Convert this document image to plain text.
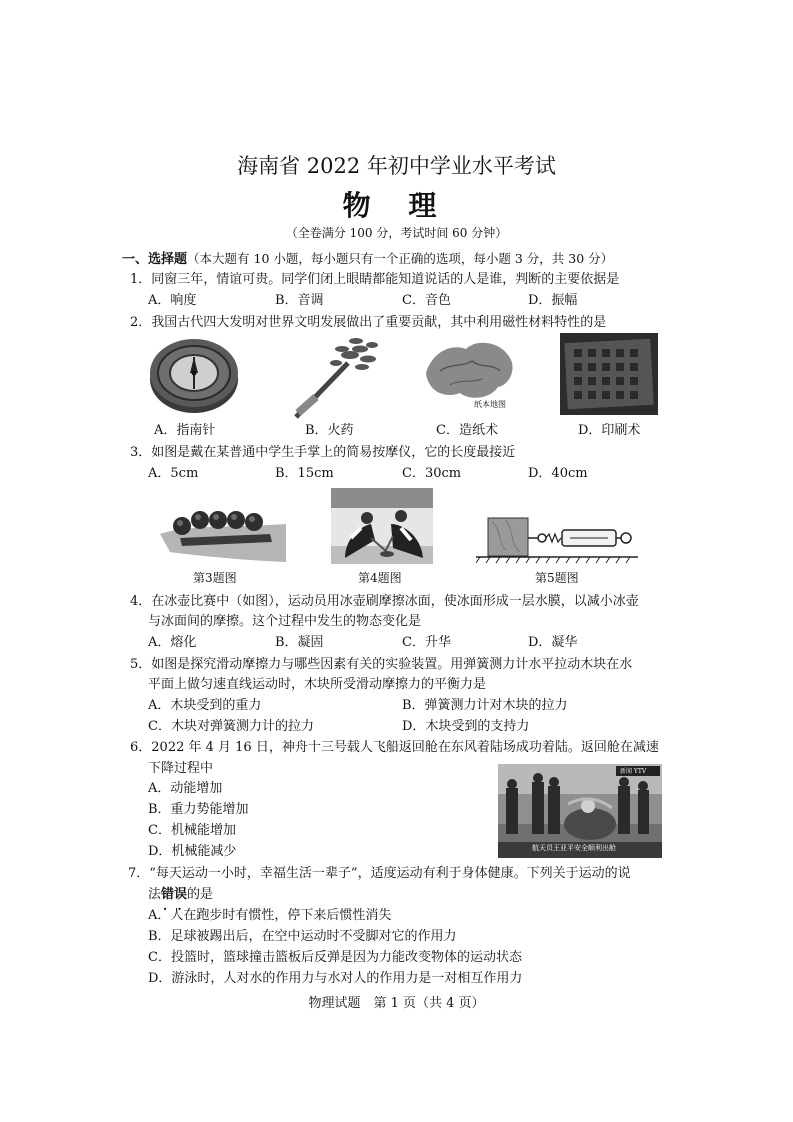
海南省 2022 年初中学业水平考试
物 理
（全卷满分 100 分，考试时间 60 分钟）
一、选择题（本大题有 10 小题，每小题只有一个正确的选项，每小题 3 分，共 30 分）
1．同窗三年，情谊可贵。同学们闭上眼睛都能知道说话的人是谁，判断的主要依据是
A．响度	B．音调	C．音色	D．振幅
2．我国古代四大发明对世界文明发展做出了重要贡献，其中利用磁性材料特性的是
纸本地图
A．指南针	B．火药	C．造纸术	D．印刷术
3．如图是戴在某普通中学生手掌上的简易按摩仪，它的长度最接近
A．5cm	B．15cm	C．30cm	D．40cm
第3题图	第4题图	第5题图
4．在冰壶比赛中（如图），运动员用冰壶刷摩擦冰面，使冰面形成一层水膜，以减小冰壶
与冰面间的摩擦。这个过程中发生的物态变化是
A．熔化	B．凝固	C．升华	D．凝华
5．如图是探究滑动摩擦力与哪些因素有关的实验装置。用弹簧测力计水平拉动木块在水
平面上做匀速直线运动时，木块所受滑动摩擦力的平衡力是
A．木块受到的重力	B．弹簧测力计对木块的拉力
C．木块对弹簧测力计的拉力	D．木块受到的支持力
6．2022 年 4 月 16 日，神舟十三号载人飞船返回舱在东风着陆场成功着陆。返回舱在减速
下降过程中
A．动能增加
B．重力势能增加
C．机械能增加
D．机械能减少	航天员王亚平安全顺利出舱
新闻 YTV
7．“每天运动一小时，幸福生活一辈子”，适度运动有利于身体健康。下列关于运动的说
法错误 · ·的是
A．人在跑步时有惯性，停下来后惯性消失
B．足球被踢出后，在空中运动时不受脚对它的作用力
C．投篮时，篮球撞击篮板后反弹是因为力能改变物体的运动状态
D．游泳时，人对水的作用力与水对人的作用力是一对相互作用力
物理试题　第 1 页（共 4 页）
